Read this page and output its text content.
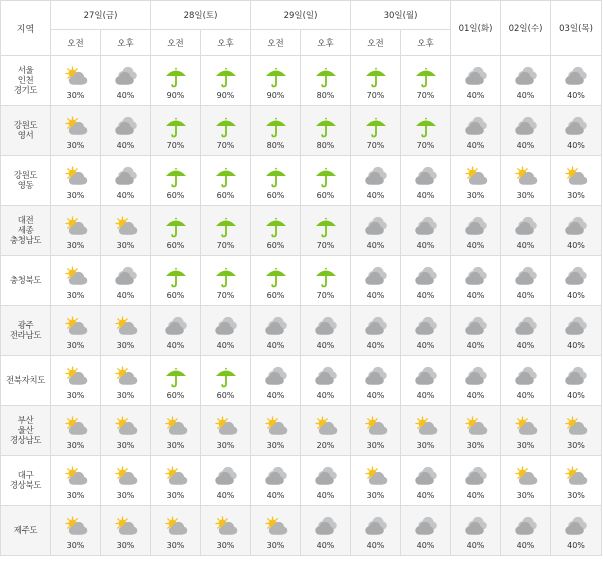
지역	27일(금)		28일(토)		29일(일)		30일(월)		01일(화)	02일(수)	03일(목)
	오전	오후	오전	오후	오전	오후	오전	오후			

서울
인천
경기도	30%	40%	90%	90%	90%	80%	70%	70%	40%	40%	40%

강원도
영서	30%	40%	70%	70%	80%	80%	70%	70%	40%	40%	40%

강원도
영동	30%	40%	60%	60%	60%	60%	40%	40%	30%	30%	30%

대전
세종
충청남도	30%	30%	60%	70%	60%	70%	40%	40%	40%	40%	40%

충청북도	30%	40%	60%	70%	60%	70%	40%	40%	40%	40%	40%

광주
전라남도	30%	30%	40%	40%	40%	40%	40%	40%	40%	40%	40%

전북자치도	30%	30%	60%	60%	40%	40%	40%	40%	40%	40%	40%

부산
울산
경상남도	30%	30%	30%	30%	30%	20%	30%	30%	30%	30%	30%

대구
경상북도	30%	30%	30%	40%	40%	40%	30%	40%	40%	30%	30%

제주도	30%	30%	30%	30%	30%	40%	40%	40%	40%	40%	40%
